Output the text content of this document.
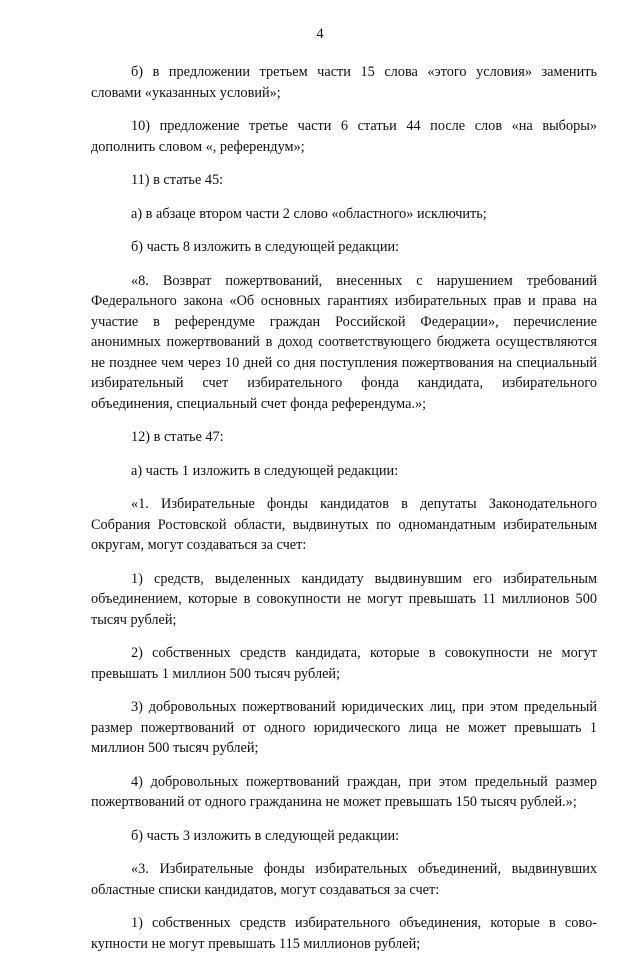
4

б) в предложении третьем части 15 слова «этого условия» заменить словами «указанных условий»;

10) предложение третье части 6 статьи 44 после слов «на выборы» дополнить словом «, референдум»;

11) в статье 45:

а) в абзаце втором части 2 слово «областного» исключить;

б) часть 8 изложить в следующей редакции:

«8. Возврат пожертвований, внесенных с нарушением требований Федерального закона «Об основных гарантиях избирательных прав и права на участие в референдуме граждан Российской Федерации», перечисление анонимных пожертвований в доход соответствующего бюджета осуществляются не позднее чем через 10 дней со дня поступления пожертвования на специальный избирательный счет избирательного фонда кандидата, избирательного объединения, специальный счет фонда референдума.»;

12) в статье 47:

а) часть 1 изложить в следующей редакции:

«1. Избирательные фонды кандидатов в депутаты Законодательного Собрания Ростовской области, выдвинутых по одномандатным избирательным округам, могут создаваться за счет:

1) средств, выделенных кандидату выдвинувшим его избирательным объединением, которые в совокупности не могут превышать 11 миллионов 500 тысяч рублей;

2) собственных средств кандидата, которые в совокупности не могут превышать 1 миллион 500 тысяч рублей;

3) добровольных пожертвований юридических лиц, при этом предельный размер пожертвований от одного юридического лица не может превышать 1 миллион 500 тысяч рублей;

4) добровольных пожертвований граждан, при этом предельный размер пожертвований от одного гражданина не может превышать 150 тысяч рублей.»;

б) часть 3 изложить в следующей редакции:

«3. Избирательные фонды избирательных объединений, выдвинувших областные списки кандидатов, могут создаваться за счет:

1) собственных средств избирательного объединения, которые в совокупности не могут превышать 115 миллионов рублей;
